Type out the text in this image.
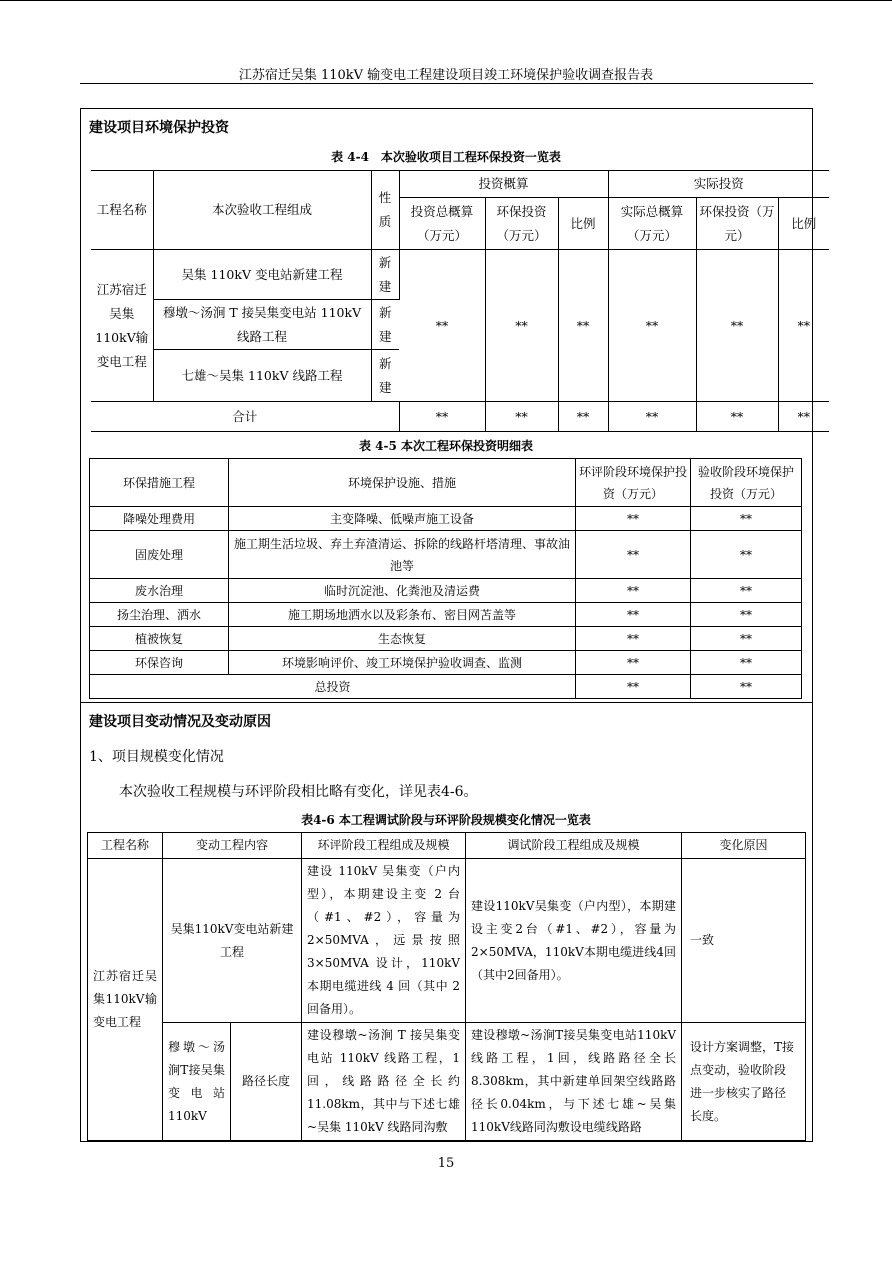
江苏宿迁吴集 110kV 输变电工程建设项目竣工环境保护验收调查报告表
建设项目环境保护投资
表 4-4　本次验收项目工程环保投资一览表
工程名称	本次验收工程组成	性质	投资概算			实际投资		
			投资总概算（万元）	环保投资（万元）	比例	实际总概算（万元）	环保投资（万元）	比例
江苏宿迁吴集110kV输变电工程	吴集 110kV 变电站新建工程	新建	**	**	**	**	**	**
	穆墩～汤涧 T 接吴集变电站 110kV 线路工程	新建						
	七雄～吴集 110kV 线路工程	新建						
合计			**	**	**	**	**	**
表 4-5 本次工程环保投资明细表
环保措施工程	环境保护设施、措施	环评阶段环境保护投资（万元）	验收阶段环境保护投资（万元）
降噪处理费用	主变降噪、低噪声施工设备	**	**
固废处理	施工期生活垃圾、弃土弃渣清运、拆除的线路杆塔清理、事故油池等	**	**
废水治理	临时沉淀池、化粪池及清运费	**	**
扬尘治理、洒水	施工期场地洒水以及彩条布、密目网苫盖等	**	**
植被恢复	生态恢复	**	**
环保咨询	环境影响评价、竣工环境保护验收调查、监测	**	**
总投资		**	**
建设项目变动情况及变动原因
1、项目规模变化情况
本次验收工程规模与环评阶段相比略有变化，详见表4-6。
表4-6 本工程调试阶段与环评阶段规模变化情况一览表
工程名称	变动工程内容		环评阶段工程组成及规模	调试阶段工程组成及规模	变化原因
江苏宿迁吴集110kV输变电工程	吴集110kV变电站新建工程		建设 110kV 吴集变（户内型），本期建设主变 2 台（#1、#2），容量为 2×50MVA，远景按照 3×50MVA 设计，110kV 本期电缆进线 4 回（其中 2 回备用）。	建设110kV吴集变（户内型），本期建设主变2台（#1、#2），容量为2×50MVA，110kV本期电缆进线4回（其中2回备用）。	一致
	穆墩～汤涧T接吴集变电站110kV	路径长度	建设穆墩~汤涧 T 接吴集变电站 110kV 线路工程，1 回，线路路径全长约 11.08km，其中与下述七雄~吴集 110kV 线路同沟敷	建设穆墩~汤涧T接吴集变电站110kV线路工程，1回，线路路径全长8.308km，其中新建单回架空线路路径长0.04km，与下述七雄~吴集110kV线路同沟敷设电缆线路路	设计方案调整，T接点变动，验收阶段进一步核实了路径长度。
15
